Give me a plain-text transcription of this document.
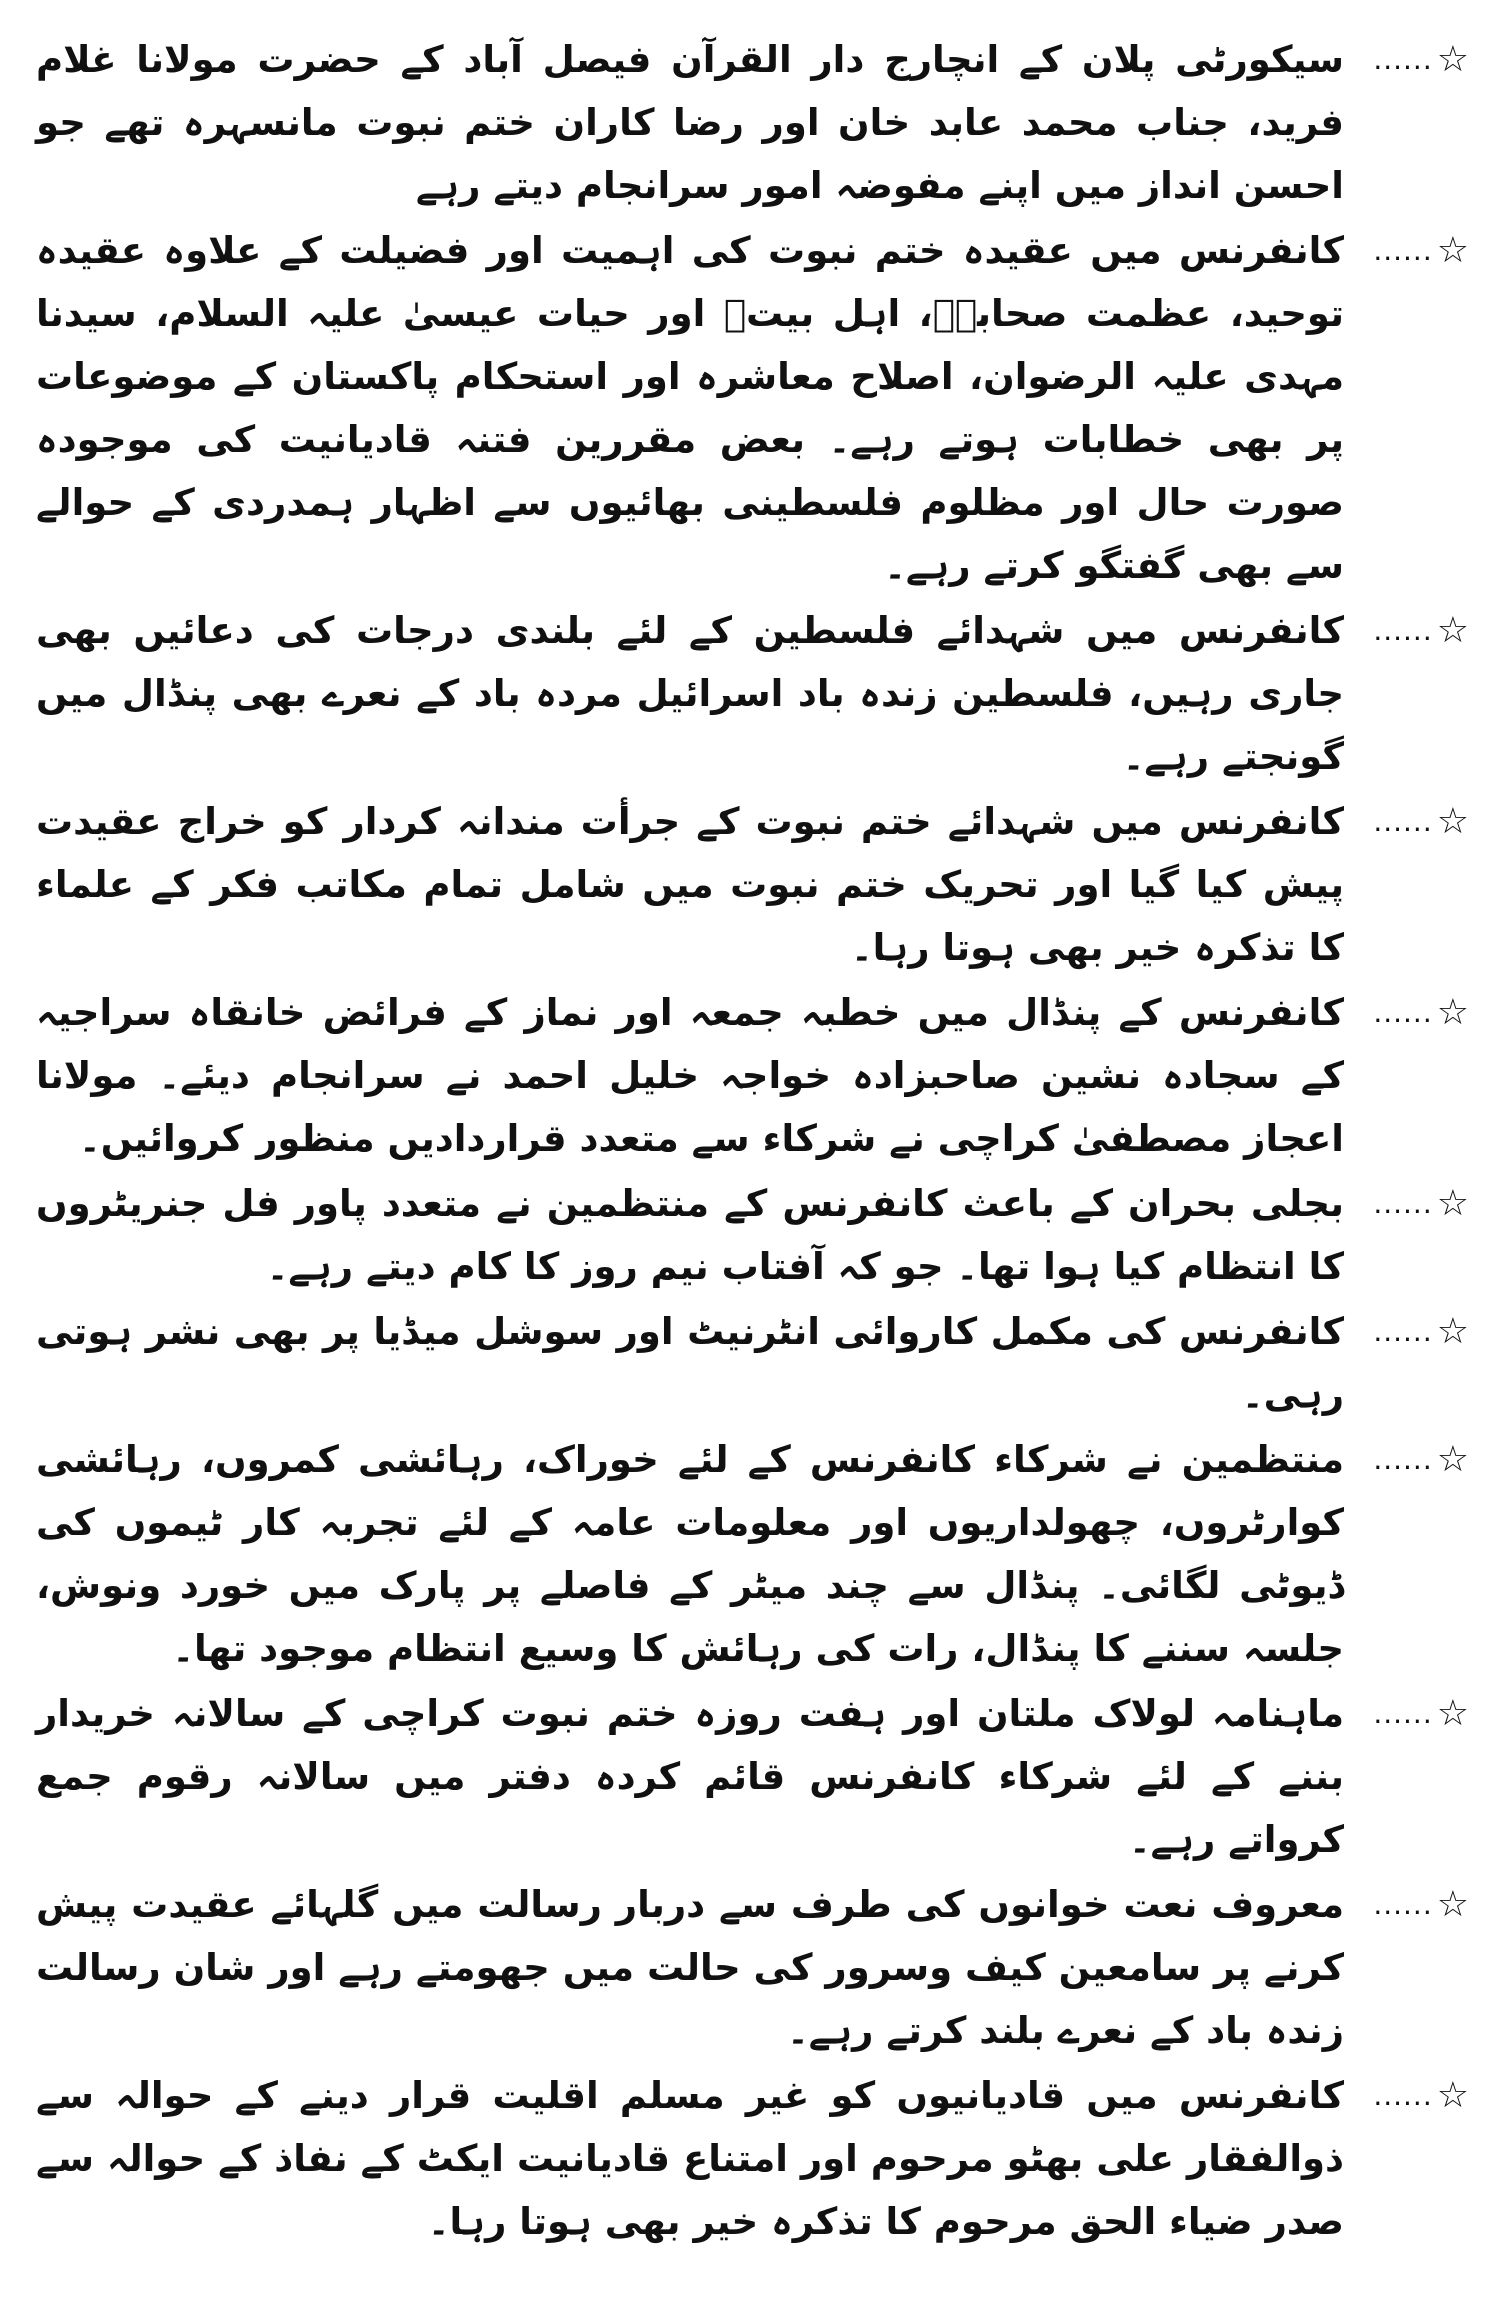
...... ☆
سیکورٹی پلان کے انچارج دار القرآن فیصل آباد کے حضرت مولانا غلام فرید، جناب محمد عابد خان اور رضا کاران ختم نبوت مانسہرہ تھے جو احسن انداز میں اپنے مفوضہ امور سرانجام دیتے رہے
...... ☆
کانفرنس میں عقیدہ ختم نبوت کی اہمیت اور فضیلت کے علاوہ عقیدہ توحید، عظمت صحابہؓ، اہل بیتؓ اور حیات عیسیٰ علیہ السلام، سیدنا مہدی علیہ الرضوان، اصلاح معاشرہ اور استحکام پاکستان کے موضوعات پر بھی خطابات ہوتے رہے۔ بعض مقررین فتنہ قادیانیت کی موجودہ صورت حال اور مظلوم فلسطینی بھائیوں سے اظہار ہمدردی کے حوالے سے بھی گفتگو کرتے رہے۔
...... ☆
کانفرنس میں شہدائے فلسطین کے لئے بلندی درجات کی دعائیں بھی جاری رہیں، فلسطین زندہ باد اسرائیل مردہ باد کے نعرے بھی پنڈال میں گونجتے رہے۔
...... ☆
کانفرنس میں شہدائے ختم نبوت کے جرأت مندانہ کردار کو خراج عقیدت پیش کیا گیا اور تحریک ختم نبوت میں شامل تمام مکاتب فکر کے علماء کا تذکرہ خیر بھی ہوتا رہا۔
...... ☆
کانفرنس کے پنڈال میں خطبہ جمعہ اور نماز کے فرائض خانقاہ سراجیہ کے سجادہ نشین صاحبزادہ خواجہ خلیل احمد نے سرانجام دیئے۔ مولانا اعجاز مصطفیٰ کراچی نے شرکاء سے متعدد قراردادیں منظور کروائیں۔
...... ☆
بجلی بحران کے باعث کانفرنس کے منتظمین نے متعدد پاور فل جنریٹروں کا انتظام کیا ہوا تھا۔ جو کہ آفتاب نیم روز کا کام دیتے رہے۔
...... ☆
کانفرنس کی مکمل کاروائی انٹرنیٹ اور سوشل میڈیا پر بھی نشر ہوتی رہی۔
...... ☆
منتظمین نے شرکاء کانفرنس کے لئے خوراک، رہائشی کمروں، رہائشی کوارٹروں، چھولداریوں اور معلومات عامہ کے لئے تجربہ کار ٹیموں کی ڈیوٹی لگائی۔ پنڈال سے چند میٹر کے فاصلے پر پارک میں خورد ونوش، جلسہ سننے کا پنڈال، رات کی رہائش کا وسیع انتظام موجود تھا۔
...... ☆
ماہنامہ لولاک ملتان اور ہفت روزہ ختم نبوت کراچی کے سالانہ خریدار بننے کے لئے شرکاء کانفرنس قائم کردہ دفتر میں سالانہ رقوم جمع کرواتے رہے۔
...... ☆
معروف نعت خوانوں کی طرف سے دربار رسالت میں گلہائے عقیدت پیش کرنے پر سامعین کیف وسرور کی حالت میں جھومتے رہے اور شان رسالت زندہ باد کے نعرے بلند کرتے رہے۔
...... ☆
کانفرنس میں قادیانیوں کو غیر مسلم اقلیت قرار دینے کے حوالہ سے ذوالفقار علی بھٹو مرحوم اور امتناع قادیانیت ایکٹ کے نفاذ کے حوالہ سے صدر ضیاء الحق مرحوم کا تذکرہ خیر بھی ہوتا رہا۔
